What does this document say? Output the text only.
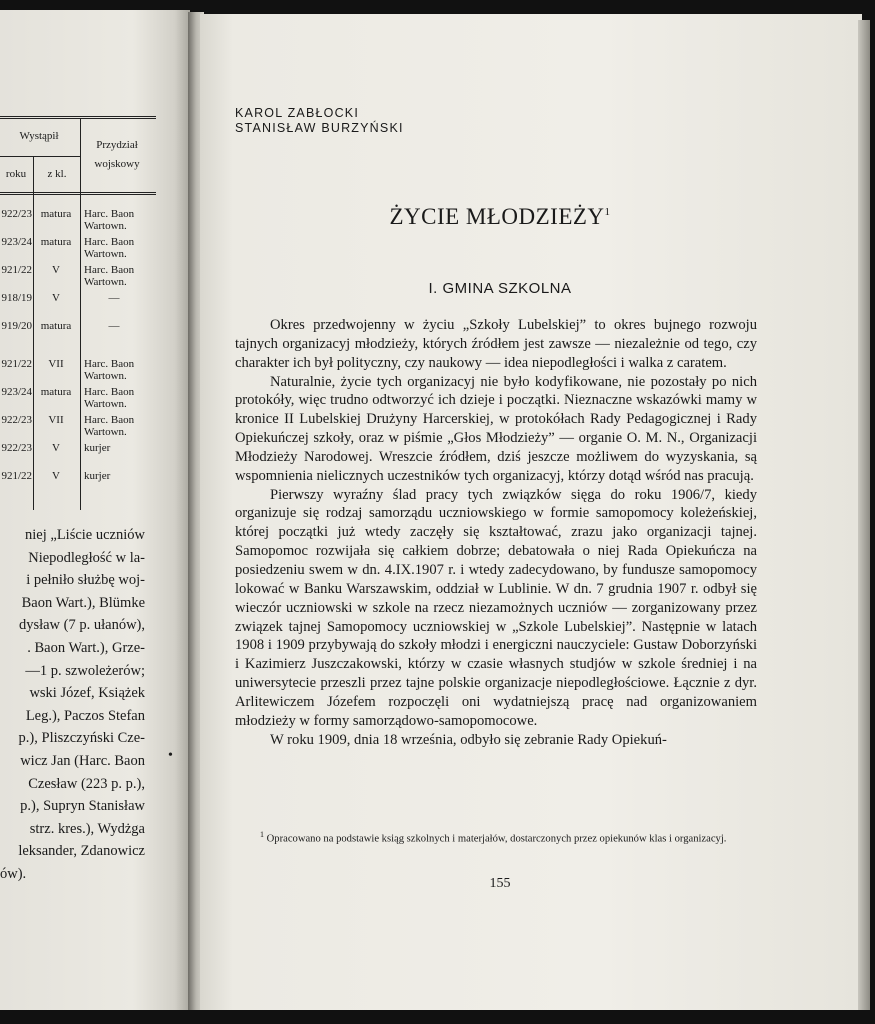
Wystąpił
roku	z kl.
Przydział wojskowy
922/23 matura	Harc. Baon Wartown.
923/24 matura	Harc. Baon Wartown.
921/22	V	Harc. Baon Wartown.
918/19	V	—
919/20 matura	—
921/22	VII	Harc. Baon Wartown.
923/24 matura	Harc. Baon Wartown.
922/23	VII	Harc. Baon Wartown.
922/23	V	kurjer
921/22	V	kurjer
niej „Liście uczniów
Niepodległość w la-
i pełniło służbę woj-
Baon Wart.), Blümke
dysław (7 p. ułanów),
. Baon Wart.), Grze-
—1 p. szwoleżerów;
wski Józef, Książek
Leg.), Paczos Stefan
p.), Pliszczyński Cze-
wicz Jan (Harc. Baon
Czesław (223 p. p.),
p.), Supryn Stanisław
strz. kres.), Wydżga
leksander, Zdanowicz
ów).
•
KAROL ZABŁOCKI
STANISŁAW BURZYŃSKI
ŻYCIE MŁODZIEŻY$^1$
I. GMINA SZKOLNA

Okres przedwojenny w życiu „Szkoły Lubelskiej” to okres bujnego rozwoju tajnych organizacyj młodzieży, których źródłem jest zawsze — niezależnie od tego, czy charakter ich był polityczny, czy naukowy — idea niepodległości i walka z caratem.

Naturalnie, życie tych organizacyj nie było kodyfikowane, nie pozostały po nich protokóły, więc trudno odtworzyć ich dzieje i początki. Nieznaczne wskazówki mamy w kronice II Lubelskiej Drużyny Harcerskiej, w protokółach Rady Pedagogicznej i Rady Opiekuńczej szkoły, oraz w piśmie „Głos Młodzieży” — organie O. M. N., Organizacji Młodzieży Narodowej. Wreszcie źródłem, dziś jeszcze możliwem do wyzyskania, są wspomnienia nielicznych uczestników tych organizacyj, którzy dotąd wśród nas pracują.

Pierwszy wyraźny ślad pracy tych związków sięga do roku 1906/7, kiedy organizuje się rodzaj samorządu uczniowskiego w formie samopomocy koleżeńskiej, której początki już wtedy zaczęły się kształtować, zrazu jako organizacji tajnej. Samopomoc rozwijała się całkiem dobrze; debatowała o niej Rada Opiekuńcza na posiedzeniu swem w dn. 4.IX.1907 r. i wtedy zadecydowano, by fundusze samopomocy lokować w Banku Warszawskim, oddział w Lublinie. W dn. 7 grudnia 1907 r. odbył się wieczór uczniowski w szkole na rzecz niezamożnych uczniów — zorganizowany przez związek tajnej Samopomocy uczniowskiej w „Szkole Lubelskiej”. Następnie w latach 1908 i 1909 przybywają do szkoły młodzi i energiczni nauczyciele: Gustaw Doborzyński i Kazimierz Juszczakowski, którzy w czasie własnych studjów w szkole średniej i na uniwersytecie przeszli przez tajne polskie organizacje niepodległościowe. Łącznie z dyr. Arlitewiczem Józefem rozpoczęli oni wydatniejszą pracę nad organizowaniem młodzieży w formy samorządowo-samopomocowe.

W roku 1909, dnia 18 września, odbyło się zebranie Rady Opiekuń-

$^1$ Opracowano na podstawie ksiąg szkolnych i materjałów, dostarczonych przez opiekunów klas i organizacyj.
155
